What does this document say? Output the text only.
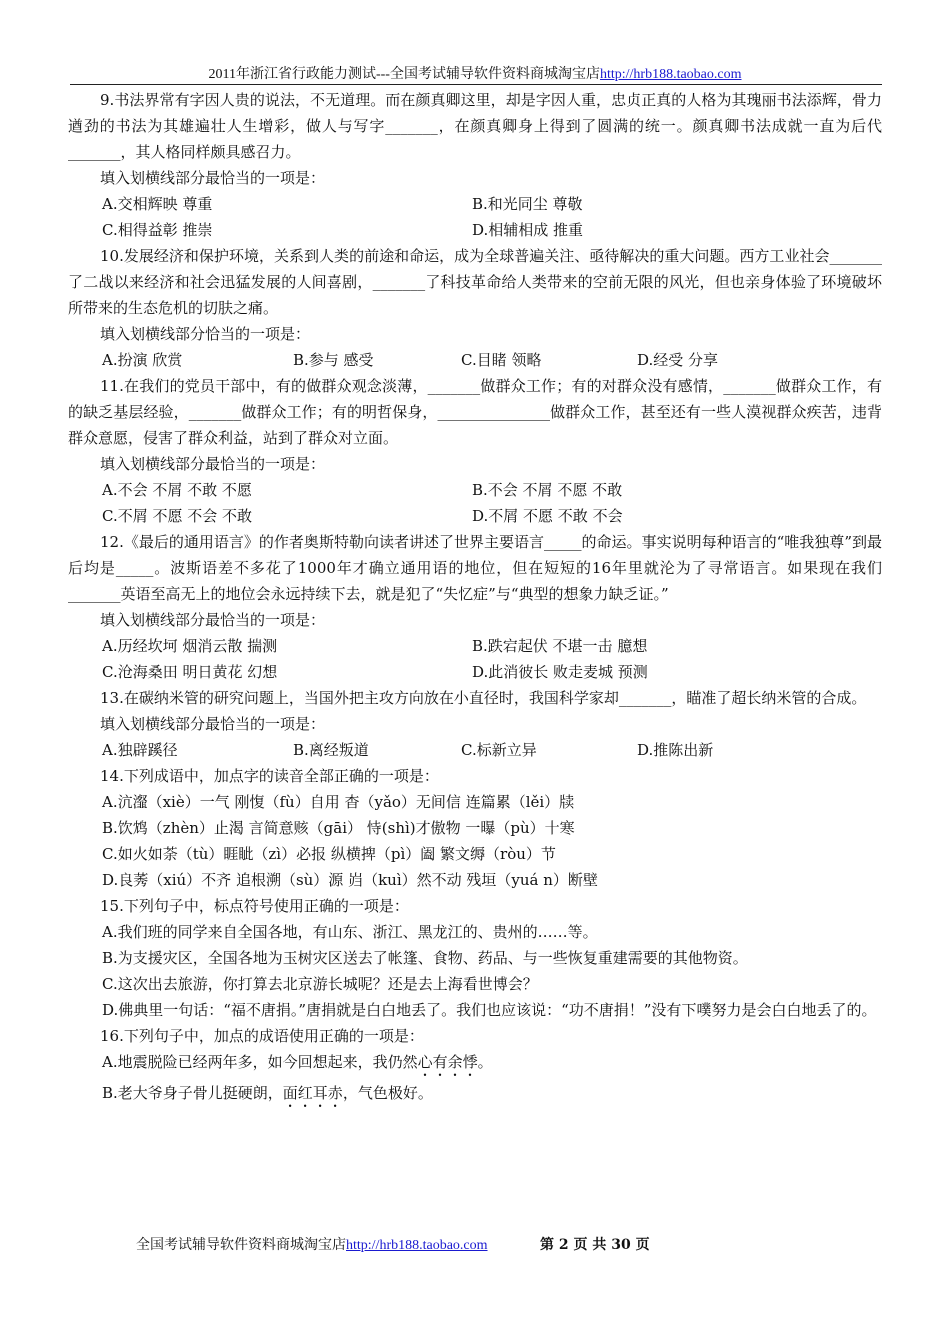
2011年浙江省行政能力测试---全国考试辅导软件资料商城淘宝店http://hrb188.taobao.com

9.书法界常有字因人贵的说法，不无道理。而在颜真卿这里，却是字因人重，忠贞正真的人格为其瑰丽书法添辉，骨力遒劲的书法为其雄遍壮人生增彩，做人与写字_______，在颜真卿身上得到了圆满的统一。颜真卿书法成就一直为后代_______，其人格同样颇具感召力。

填入划横线部分最恰当的一项是：

A.交相辉映 尊重	B.和光同尘 尊敬
C.相得益彰 推崇	D.相辅相成 推重

10.发展经济和保护环境，关系到人类的前途和命运，成为全球普遍关注、亟待解决的重大问题。西方工业社会_______了二战以来经济和社会迅猛发展的人间喜剧，_______了科技革命给人类带来的空前无限的风光，但也亲身体验了环境破坏所带来的生态危机的切肤之痛。

填入划横线部分恰当的一项是：

A.扮演 欣赏	B.参与 感受	C.目睹 领略	D.经受 分享

11.在我们的党员干部中，有的做群众观念淡薄，_______做群众工作；有的对群众没有感情，_______做群众工作，有的缺乏基层经验，_______做群众工作；有的明哲保身，_______________做群众工作，甚至还有一些人漠视群众疾苦，违背群众意愿，侵害了群众利益，站到了群众对立面。

填入划横线部分最恰当的一项是：

A.不会 不屑 不敢 不愿	B.不会 不屑 不愿 不敢
C.不屑 不愿 不会 不敢	D.不屑 不愿 不敢 不会

12.《最后的通用语言》的作者奥斯特勒向读者讲述了世界主要语言_____的命运。事实说明每种语言的“唯我独尊”到最后均是_____。波斯语差不多花了1000年才确立通用语的地位，但在短短的16年里就沦为了寻常语言。如果现在我们_______英语至高无上的地位会永远持续下去，就是犯了“失忆症”与“典型的想象力缺乏证。”

填入划横线部分最恰当的一项是：

A.历经坎坷 烟消云散 揣测	B.跌宕起伏 不堪一击 臆想
C.沧海桑田 明日黄花 幻想	D.此消彼长 败走麦城 预测

13.在碳纳米管的研究问题上，当国外把主攻方向放在小直径时，我国科学家却_______，瞄准了超长纳米管的合成。

填入划横线部分最恰当的一项是：

A.独辟蹊径	B.离经叛道	C.标新立异	D.推陈出新

14.下列成语中，加点字的读音全部正确的一项是：

A.沆瀣（xiè）一气 刚愎（fù）自用 杳（yǎo）无间信 连篇累（lěi）牍

B.饮鸩（zhèn）止渴 言简意赅（gāi） 恃(shì)才傲物 一曝（pù）十寒

C.如火如荼（tù）睚眦（zì）必报 纵横捭（pì）阖 繁文缛（ròu）节

D.良莠（xiú）不齐 追根溯（sù）源 岿（kuì）然不动 残垣（yuá n）断壁

15.下列句子中，标点符号使用正确的一项是：

A.我们班的同学来自全国各地，有山东、浙江、黑龙江的、贵州的……等。

B.为支援灾区，全国各地为玉树灾区送去了帐篷、食物、药品、与一些恢复重建需要的其他物资。

C.这次出去旅游，你打算去北京游长城呢？还是去上海看世博会？

D.佛典里一句话：“福不唐捐。”唐捐就是白白地丢了。我们也应该说：“功不唐捐！”没有下噗努力是会白白地丢了的。

16.下列句子中，加点的成语使用正确的一项是：

A.地震脱险已经两年多，如今回想起来，我仍然心有余悸。

B.老大爷身子骨儿挺硬朗，面红耳赤，气色极好。

全国考试辅导软件资料商城淘宝店http://hrb188.taobao.com	第 2 页 共 30 页
